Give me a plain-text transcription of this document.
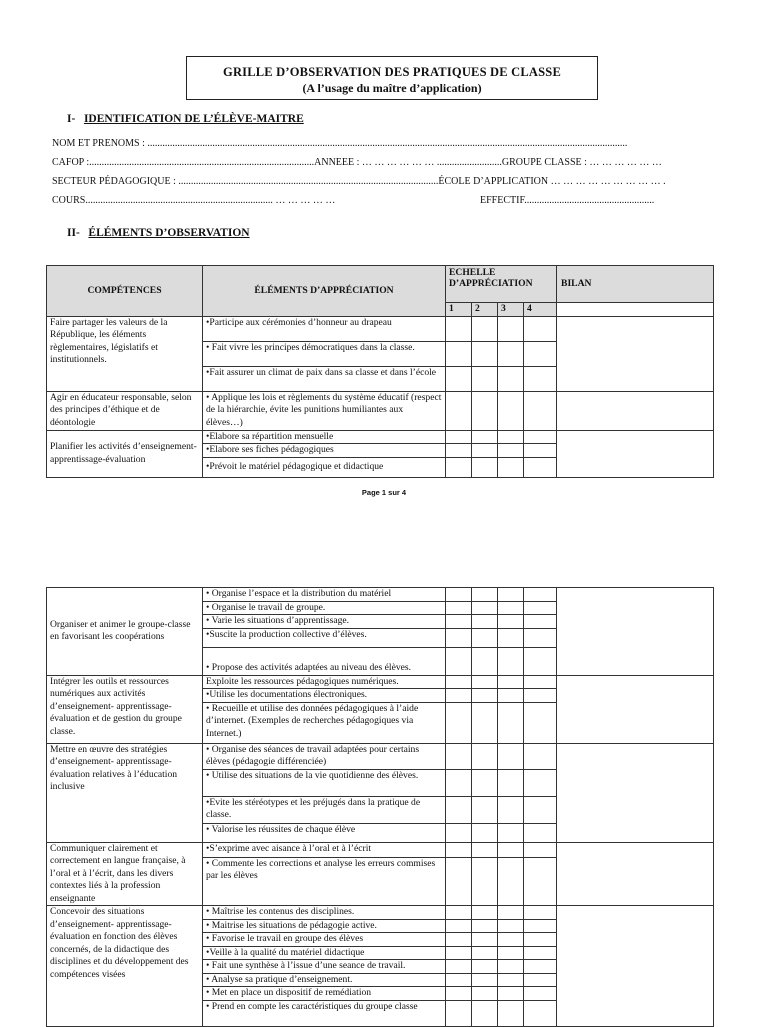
GRILLE D’OBSERVATION DES PRATIQUES DE CLASSE
(A l’usage du maître d’application)
I- IDENTIFICATION DE L’ÉLÈVE-MAITRE
NOM ET PRENOMS : ................................................................................................................................................................................................
CAFOP :..........................................................................................ANNEEE : … … … … … … ..........................GROUPE CLASSE : … … … … … …
SECTEUR PÉDAGOGIQUE : ........................................................................................................ÉCOLE D’APPLICATION … … … … … … … … … .
COURS........................................................................... … … … … …	EFFECTIF....................................................
II- ÉLÉMENTS D’OBSERVATION
COMPÉTENCES	ÉLÉMENTS D’APPRÉCIATION	ECHELLE D’APPRÉCIATION				BILAN
		1	2	3	4	
Faire partager les valeurs de la République, les éléments règlementaires, législatifs et institutionnels.	•Participe aux cérémonies d’honneur au drapeau					
	• Fait vivre les principes démocratiques dans la classe.					
	•Fait assurer un climat de paix dans sa classe et dans l’école					
Agir en éducateur responsable, selon des principes d’éthique et de déontologie	• Applique les lois et règlements du système éducatif (respect de la hiérarchie, évite les punitions humiliantes aux élèves…)					
Planifier les activités d’enseignement-apprentissage-évaluation	•Elabore sa répartition mensuelle					
	•Elabore ses fiches pédagogiques					
	•Prévoit le matériel pédagogique et didactique					
Page 1 sur 4
Organiser et animer le groupe-classe en favorisant les coopérations	• Organise l’espace et la distribution du matériel					
	• Organise le travail de groupe.					
	• Varie les situations d’apprentissage.					
	•Suscite la production collective d’élèves.					
	• Propose des activités adaptées au niveau des élèves.					
Intégrer les outils et ressources numériques aux activités d’enseignement- apprentissage-évaluation et de gestion du groupe classe.	Exploite les ressources pédagogiques numériques.					
	•Utilise les documentations électroniques.					
	• Recueille et utilise des données pédagogiques à l’aide d’internet. (Exemples de recherches pédagogiques via Internet.)					
Mettre en œuvre des stratégies d’enseignement- apprentissage-évaluation relatives à l’éducation inclusive	• Organise des séances de travail adaptées pour certains élèves (pédagogie différenciée)					
	• Utilise des situations de la vie quotidienne des élèves.					
	•Evite les stéréotypes et les préjugés dans la pratique de classe.					
	• Valorise les réussites de chaque élève					
Communiquer clairement et correctement en langue française, à l’oral et à l’écrit, dans les divers contextes liés à la profession enseignante	•S’exprime avec aisance à l’oral et à l’écrit					
	• Commente les corrections et analyse les erreurs commises par les élèves					
Concevoir des situations d’enseignement- apprentissage-évaluation en fonction des élèves concernés, de la didactique des disciplines et du développement des compétences visées	• Maîtrise les contenus des disciplines.					
	• Maitrise les situations de pédagogie active.					
	• Favorise le travail en groupe des élèves					
	•Veille à la qualité du matériel didactique					
	• Fait une synthèse à l’issue d’une seance de travail.					
	• Analyse sa pratique d’enseignement.					
	• Met en place un dispositif de remédiation					
	• Prend en compte les caractéristiques du groupe classe					
